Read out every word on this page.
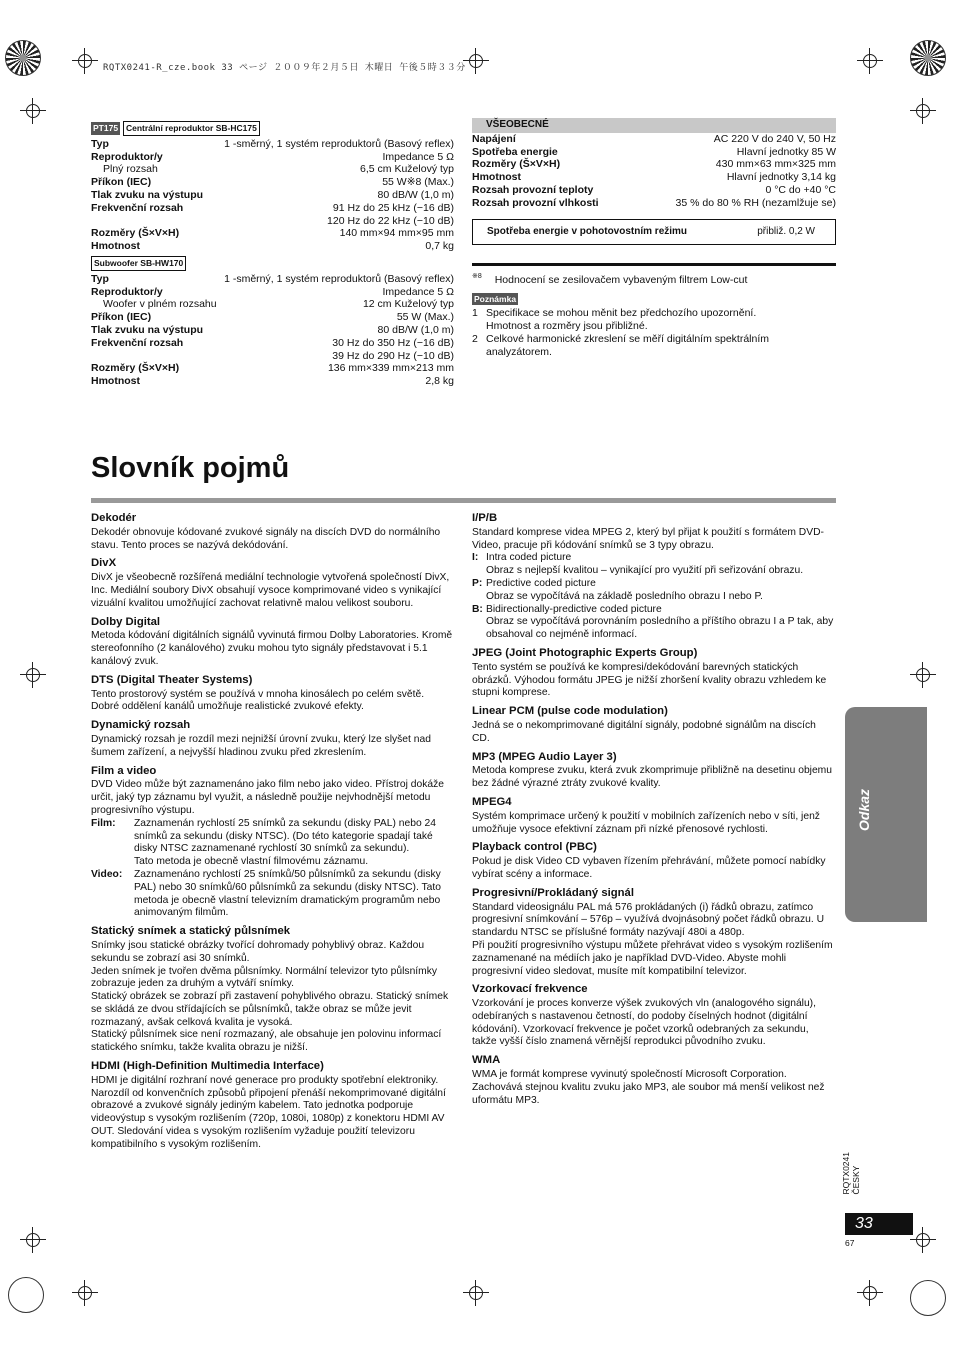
RQTX0241-R_cze.book 33 ページ ２００９年２月５日 木曜日 午後５時３３分
PT175 Centrální reproduktor SB-HC175
Typ	1 -směrný, 1 systém reproduktorů (Basový reflex)
Reproduktor/y	Impedance 5 Ω
Plný rozsah	6,5 cm Kuželový typ
Příkon (IEC)	55 W※8 (Max.)
Tlak zvuku na výstupu	80 dB/W (1,0 m)
Frekvenční rozsah	91 Hz do 25 kHz (−16 dB)
120 Hz do 22 kHz (−10 dB)
Rozměry (Š×V×H)	140 mm×94 mm×95 mm
Hmotnost	0,7 kg
Subwoofer SB-HW170
Typ	1 -směrný, 1 systém reproduktorů (Basový reflex)
Reproduktor/y	Impedance 5 Ω
Woofer v plném rozsahu	12 cm Kuželový typ
Příkon (IEC)	55 W (Max.)
Tlak zvuku na výstupu	80 dB/W (1,0 m)
Frekvenční rozsah	30 Hz do 350 Hz (−16 dB)
39 Hz do 290 Hz (−10 dB)
Rozměry (Š×V×H)	136 mm×339 mm×213 mm
Hmotnost	2,8 kg
VŠEOBECNÉ
Napájení	AC 220 V do 240 V, 50 Hz
Spotřeba energie	Hlavní jednotky 85 W
Rozměry (Š×V×H)	430 mm×63 mm×325 mm
Hmotnost	Hlavní jednotky 3,14 kg
Rozsah provozní teploty	0 °C do +40 °C
Rozsah provozní vlhkosti	35 % do 80 % RH (nezamlžuje se)
Spotřeba energie v pohotovostním režimu	přibliž. 0,2 W
$^{※8}$ Hodnocení se zesilovačem vybaveným filtrem Low-cut
Poznámka
1 Specifikace se mohou měnit bez předchozího upozornění.
Hmotnost a rozměry jsou přibližné.
2 Celkové harmonické zkreslení se měří digitálním spektrálním
analyzátorem.
Slovník pojmů
Dekodér

Dekodér obnovuje kódované zvukové signály na discích DVD do normálního stavu. Tento proces se nazývá dekódování.

DivX

DivX je všeobecně rozšířená mediální technologie vytvořená společností DivX, Inc. Mediální soubory DivX obsahují vysoce komprimované video s vynikající vizuální kvalitou umožňující zachovat relativně malou velikost souboru.

Dolby Digital

Metoda kódování digitálních signálů vyvinutá firmou Dolby Laboratories. Kromě stereofonního (2 kanálového) zvuku mohou tyto signály představovat i 5.1 kanálový zvuk.

DTS (Digital Theater Systems)

Tento prostorový systém se používá v mnoha kinosálech po celém světě. Dobré oddělení kanálů umožňuje realistické zvukové efekty.

Dynamický rozsah

Dynamický rozsah je rozdíl mezi nejnižší úrovní zvuku, který lze slyšet nad šumem zařízení, a nejvyšší hladinou zvuku před zkreslením.

Film a video

DVD Video může být zaznamenáno jako film nebo jako video. Přístroj dokáže určit, jaký typ záznamu byl využit, a následně použije nejvhodnější metodu progresivního výstupu.

Film:	Zaznamenán rychlostí 25 snímků za sekundu (disky PAL) nebo 24 snímků za sekundu (disky NTSC). (Do této kategorie spadají také disky NTSC zaznamenané rychlostí 30 snímků za sekundu).

Tato metoda je obecně vlastní filmovému záznamu.

Video:	Zaznamenáno rychlostí 25 snímků/50 půlsnímků za sekundu (disky PAL) nebo 30 snímků/60 půlsnímků za sekundu (disky NTSC). Tato metoda je obecně vlastní televizním dramatickým programům nebo animovaným filmům.

Statický snímek a statický půlsnímek

Snímky jsou statické obrázky tvořící dohromady pohyblivý obraz. Každou sekundu se zobrazí asi 30 snímků.

Jeden snímek je tvořen dvěma půlsnímky. Normální televizor tyto půlsnímky zobrazuje jeden za druhým a vytváří snímky.

Statický obrázek se zobrazí při zastavení pohyblivého obrazu. Statický snímek se skládá ze dvou střídajících se půlsnímků, takže obraz se může jevit rozmazaný, avšak celková kvalita je vysoká.

Statický půlsnímek sice není rozmazaný, ale obsahuje jen polovinu informací statického snímku, takže kvalita obrazu je nižší.

HDMI (High-Definition Multimedia Interface)

HDMI je digitální rozhraní nové generace pro produkty spotřební elektroniky. Narozdíl od konvenčních způsobů připojení přenáší nekomprimované digitální obrazové a zvukové signály jediným kabelem. Tato jednotka podporuje videovýstup s vysokým rozlišením (720p, 1080i, 1080p) z konektoru HDMI AV OUT. Sledování videa s vysokým rozlišením vyžaduje použití televizoru kompatibilního s vysokým rozlišením.

I/P/B

Standard komprese videa MPEG 2, který byl přijat k použití s formátem DVD-Video, pracuje při kódování snímků se 3 typy obrazu.

I: Intra coded picture

Obraz s nejlepší kvalitou – vynikající pro využití při seřizování obrazu.

P: Predictive coded picture

Obraz se vypočítává na základě posledního obrazu I nebo P.

B: Bidirectionally-predictive coded picture

Obraz se vypočítává porovnáním posledního a příštího obrazu I a P tak, aby obsahoval co nejméně informací.

JPEG (Joint Photographic Experts Group)

Tento systém se používá ke kompresi/dekódování barevných statických obrázků. Výhodou formátu JPEG je nižší zhoršení kvality obrazu vzhledem ke stupni komprese.

Linear PCM (pulse code modulation)

Jedná se o nekomprimované digitální signály, podobné signálům na discích CD.

MP3 (MPEG Audio Layer 3)

Metoda komprese zvuku, která zvuk zkomprimuje přibližně na desetinu objemu bez žádné výrazné ztráty zvukové kvality.

MPEG4

Systém komprimace určený k použití v mobilních zařízeních nebo v síti, jenž umožňuje vysoce efektivní záznam při nízké přenosové rychlosti.

Playback control (PBC)

Pokud je disk Video CD vybaven řízením přehrávání, můžete pomocí nabídky vybírat scény a informace.

Progresivní/Prokládaný signál

Standard videosignálu PAL má 576 prokládaných (i) řádků obrazu, zatímco progresivní snímkování – 576p – využívá dvojnásobný počet řádků obrazu. U standardu NTSC se příslušné formáty nazývají 480i a 480p.

Při použití progresivního výstupu můžete přehrávat video s vysokým rozlišením zaznamenané na médiích jako je například DVD-Video. Abyste mohli progresivní video sledovat, musíte mít kompatibilní televizor.

Vzorkovací frekvence

Vzorkování je proces konverze výšek zvukových vln (analogového signálu), odebíraných s nastavenou četností, do podoby číselných hodnot (digitální kódování). Vzorkovací frekvence je počet vzorků odebraných za sekundu, takže vyšší číslo znamená věrnější reprodukci původního zvuku.

WMA

WMA je formát komprese vyvinutý společností Microsoft Corporation. Zachovává stejnou kvalitu zvuku jako MP3, ale soubor má menší velikost než uformátu MP3.

Odkaz
RQTX0241
ČESKY
33
67
